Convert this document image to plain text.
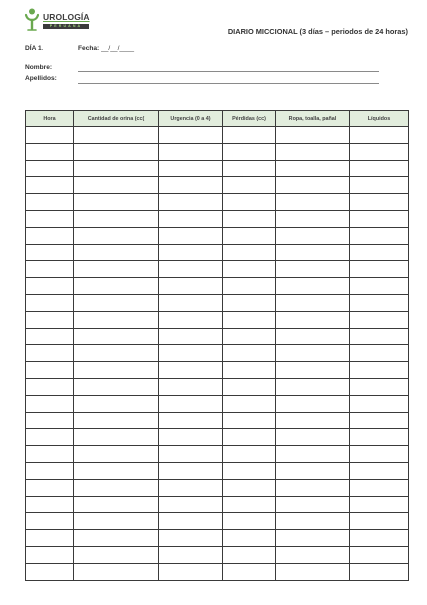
UROLOGÍA
PERUANA
DIARIO MICCIONAL (3 días – periodos de 24 horas)
DÍA 1.	Fecha: __/__/____
Nombre:
Apellidos:
Hora	Cantidad de orina (cc(	Urgencia (0 a 4)	Pérdidas (cc)	Ropa, toalla, pañal	Líquidos
